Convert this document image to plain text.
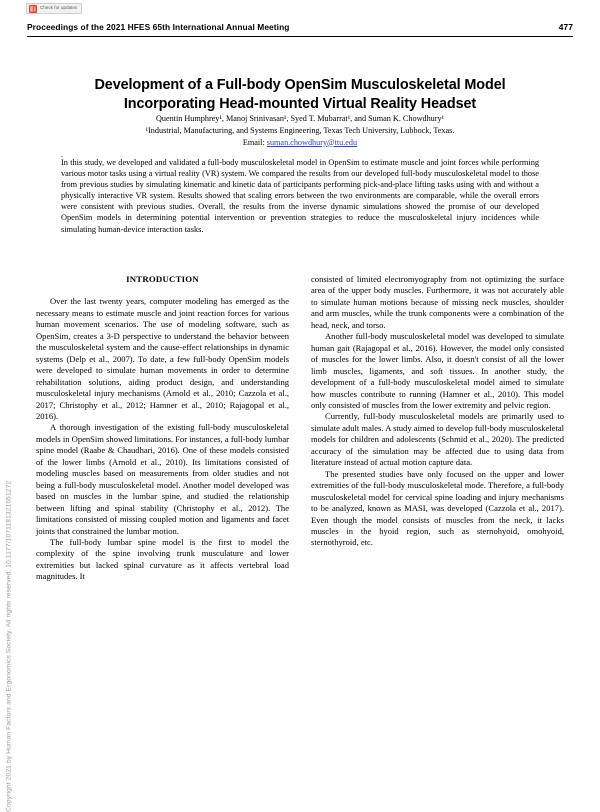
Check for updates
Proceedings of the 2021 HFES 65th International Annual Meeting	477
Copyright 2021 by Human Factors and Ergonomics Society. All rights reserved. 10.1177/1071181321651272
Development of a Full-body OpenSim Musculoskeletal Model Incorporating Head-mounted Virtual Reality Headset
Quentin Humphrey¹, Manoj Srinivasan¹, Syed T. Mubarrat¹, and Suman K. Chowdhury¹
¹Industrial, Manufacturing, and Systems Engineering, Texas Tech University, Lubbock, Texas.
Email: suman.chowdhury@ttu.edu
.
In this study, we developed and validated a full-body musculoskeletal model in OpenSim to estimate muscle and joint forces while performing various motor tasks using a virtual reality (VR) system. We compared the results from our developed full-body musculoskeletal model to those from previous studies by simulating kinematic and kinetic data of participants performing pick-and-place lifting tasks using with and without a physically interactive VR system. Results showed that scaling errors between the two environments are comparable, while the overall errors were consistent with previous studies. Overall, the results from the inverse dynamic simulations showed the promise of our developed OpenSim models in determining potential intervention or prevention strategies to reduce the musculoskeletal injury incidences while simulating human-device interaction tasks.
INTRODUCTION

Over the last twenty years, computer modeling has emerged as the necessary means to estimate muscle and joint reaction forces for various human movement scenarios. The use of modeling software, such as OpenSim, creates a 3-D perspective to understand the behavior between the musculoskeletal system and the cause-effect relationships in dynamic systems (Delp et al., 2007). To date, a few full-body OpenSim models were developed to simulate human movements in order to determine rehabilitation solutions, aiding product design, and understanding musculoskeletal injury mechanisms (Arnold et al., 2010; Cazzola et al., 2017; Christophy et al., 2012; Hamner et al., 2010; Rajagopal et al., 2016).

A thorough investigation of the existing full-body musculoskeletal models in OpenSim showed limitations. For instances, a full-body lumbar spine model (Raabe & Chaudhari, 2016). One of these models consisted of the lower limbs (Arnold et al., 2010). Its limitations consisted of modeling muscles based on measurements from older studies and not being a full-body musculoskeletal model. Another model developed was based on muscles in the lumbar spine, and studied the relationship between lifting and spinal stability (Christophy et al., 2012). The limitations consisted of missing coupled motion and ligaments and facet joints that constrained the lumbar motion.

The full-body lumbar spine model is the first to model the complexity of the spine involving trunk musculature and lower extremities but lacked spinal curvature as it affects vertebral load magnitudes. It

consisted of limited electromyography from not optimizing the surface area of the upper body muscles. Furthermore, it was not accurately able to simulate human motions because of missing neck muscles, shoulder and arm muscles, while the trunk components were a combination of the head, neck, and torso.

Another full-body musculoskeletal model was developed to simulate human gait (Rajagopal et al., 2016). However, the model only consisted of muscles for the lower limbs. Also, it doesn't consist of all the lower limb muscles, ligaments, and soft tissues. In another study, the development of a full-body musculoskeletal model aimed to simulate how muscles contribute to running (Hamner et al., 2010). This model only consisted of muscles from the lower extremity and pelvic region.

Currently, full-body musculoskeletal models are primarily used to simulate adult males. A study aimed to develop full-body musculoskeletal models for children and adolescents (Schmid et al., 2020). The predicted accuracy of the simulation may be affected due to using data from literature instead of actual motion capture data.

The presented studies have only focused on the upper and lower extremities of the full-body musculoskeletal mode. Therefore, a full-body musculoskeletal model for cervical spine loading and injury mechanisms to be analyzed, known as MASI, was developed (Cazzola et al., 2017). Even though the model consists of muscles from the neck, it lacks muscles in the hyoid region, such as sternohyoid, omohyoid, sternothyroid, etc.
